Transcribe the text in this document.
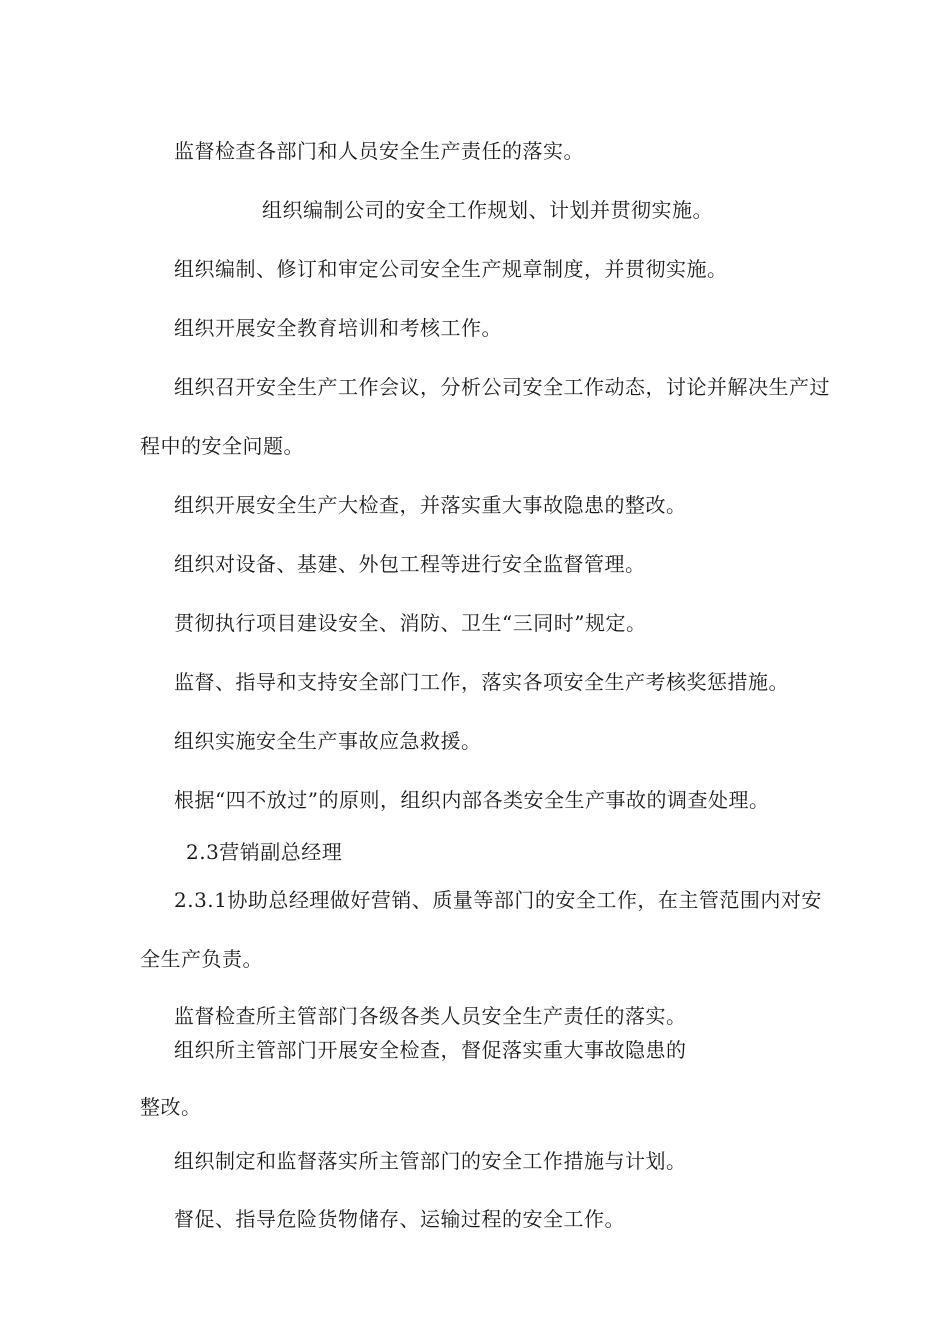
监督检查各部门和人员安全生产责任的落实。
组织编制公司的安全工作规划、计划并贯彻实施。
组织编制、修订和审定公司安全生产规章制度，并贯彻实施。
组织开展安全教育培训和考核工作。
组织召开安全生产工作会议，分析公司安全工作动态，讨论并解决生产过
程中的安全问题。
组织开展安全生产大检查，并落实重大事故隐患的整改。
组织对设备、基建、外包工程等进行安全监督管理。
贯彻执行项目建设安全、消防、卫生“三同时”规定。
监督、指导和支持安全部门工作，落实各项安全生产考核奖惩措施。
组织实施安全生产事故应急救援。
根据“四不放过”的原则，组织内部各类安全生产事故的调查处理。
2.3营销副总经理
2.3.1协助总经理做好营销、质量等部门的安全工作，在主管范围内对安
全生产负责。
监督检查所主管部门各级各类人员安全生产责任的落实。
组织所主管部门开展安全检查，督促落实重大事故隐患的
整改。
组织制定和监督落实所主管部门的安全工作措施与计划。
督促、指导危险货物储存、运输过程的安全工作。
